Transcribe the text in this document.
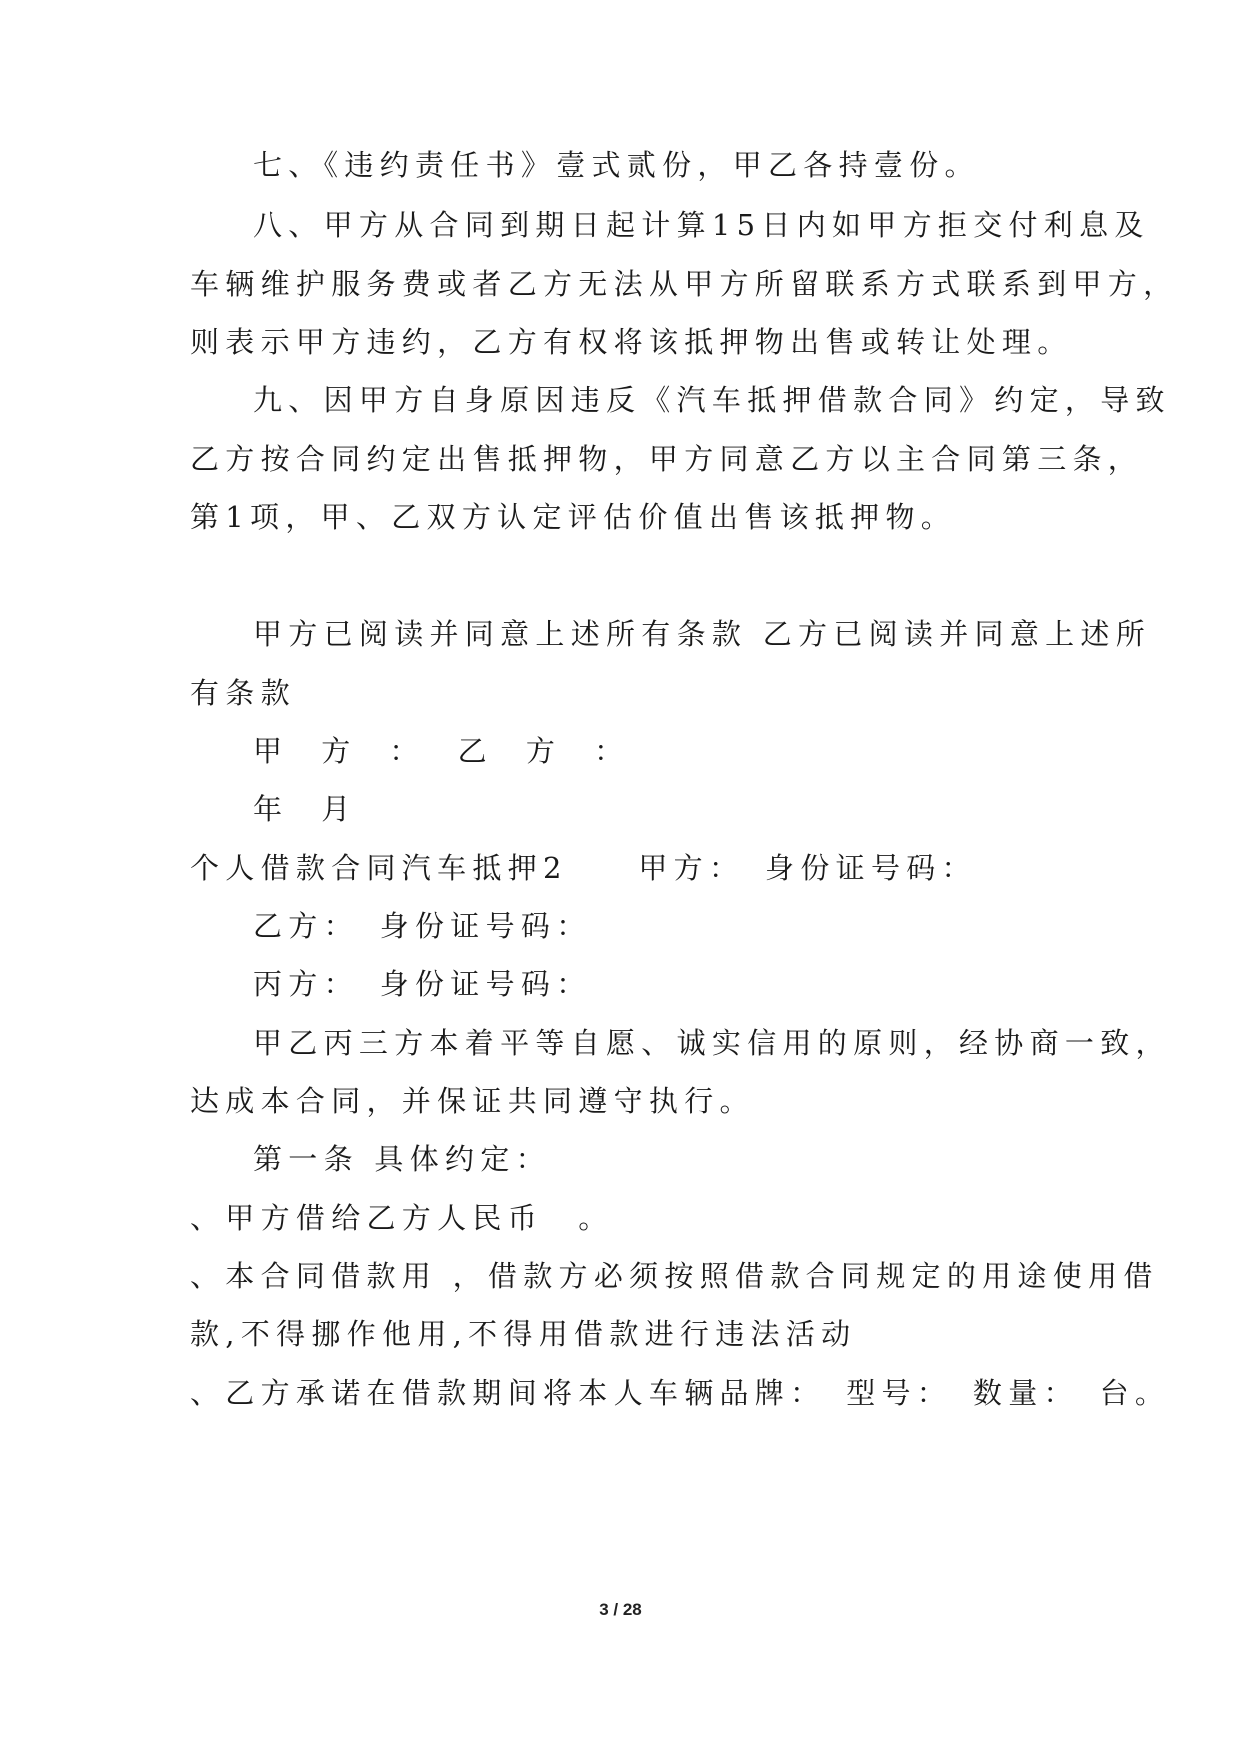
七、《违约责任书》壹式贰份，甲乙各持壹份。
八、甲方从合同到期日起计算15日内如甲方拒交付利息及
车辆维护服务费或者乙方无法从甲方所留联系方式联系到甲方，
则表示甲方违约，乙方有权将该抵押物出售或转让处理。
九、因甲方自身原因违反《汽车抵押借款合同》约定，导致
乙方按合同约定出售抵押物，甲方同意乙方以主合同第三条，
第1项，甲、乙双方认定评估价值出售该抵押物。
甲方已阅读并同意上述所有条款 乙方已阅读并同意上述所
有条款
甲 方 ： 乙 方 ：
年 月
个人借款合同汽车抵押2　　甲方：　身份证号码：
乙方：　身份证号码：
丙方：　身份证号码：
甲乙丙三方本着平等自愿、诚实信用的原则，经协商一致，
达成本合同，并保证共同遵守执行。
第一条 具体约定：
、甲方借给乙方人民币　。
、本合同借款用 ，借款方必须按照借款合同规定的用途使用借
款,不得挪作他用,不得用借款进行违法活动
、乙方承诺在借款期间将本人车辆品牌：　型号：　数量：　台。
3 / 28
